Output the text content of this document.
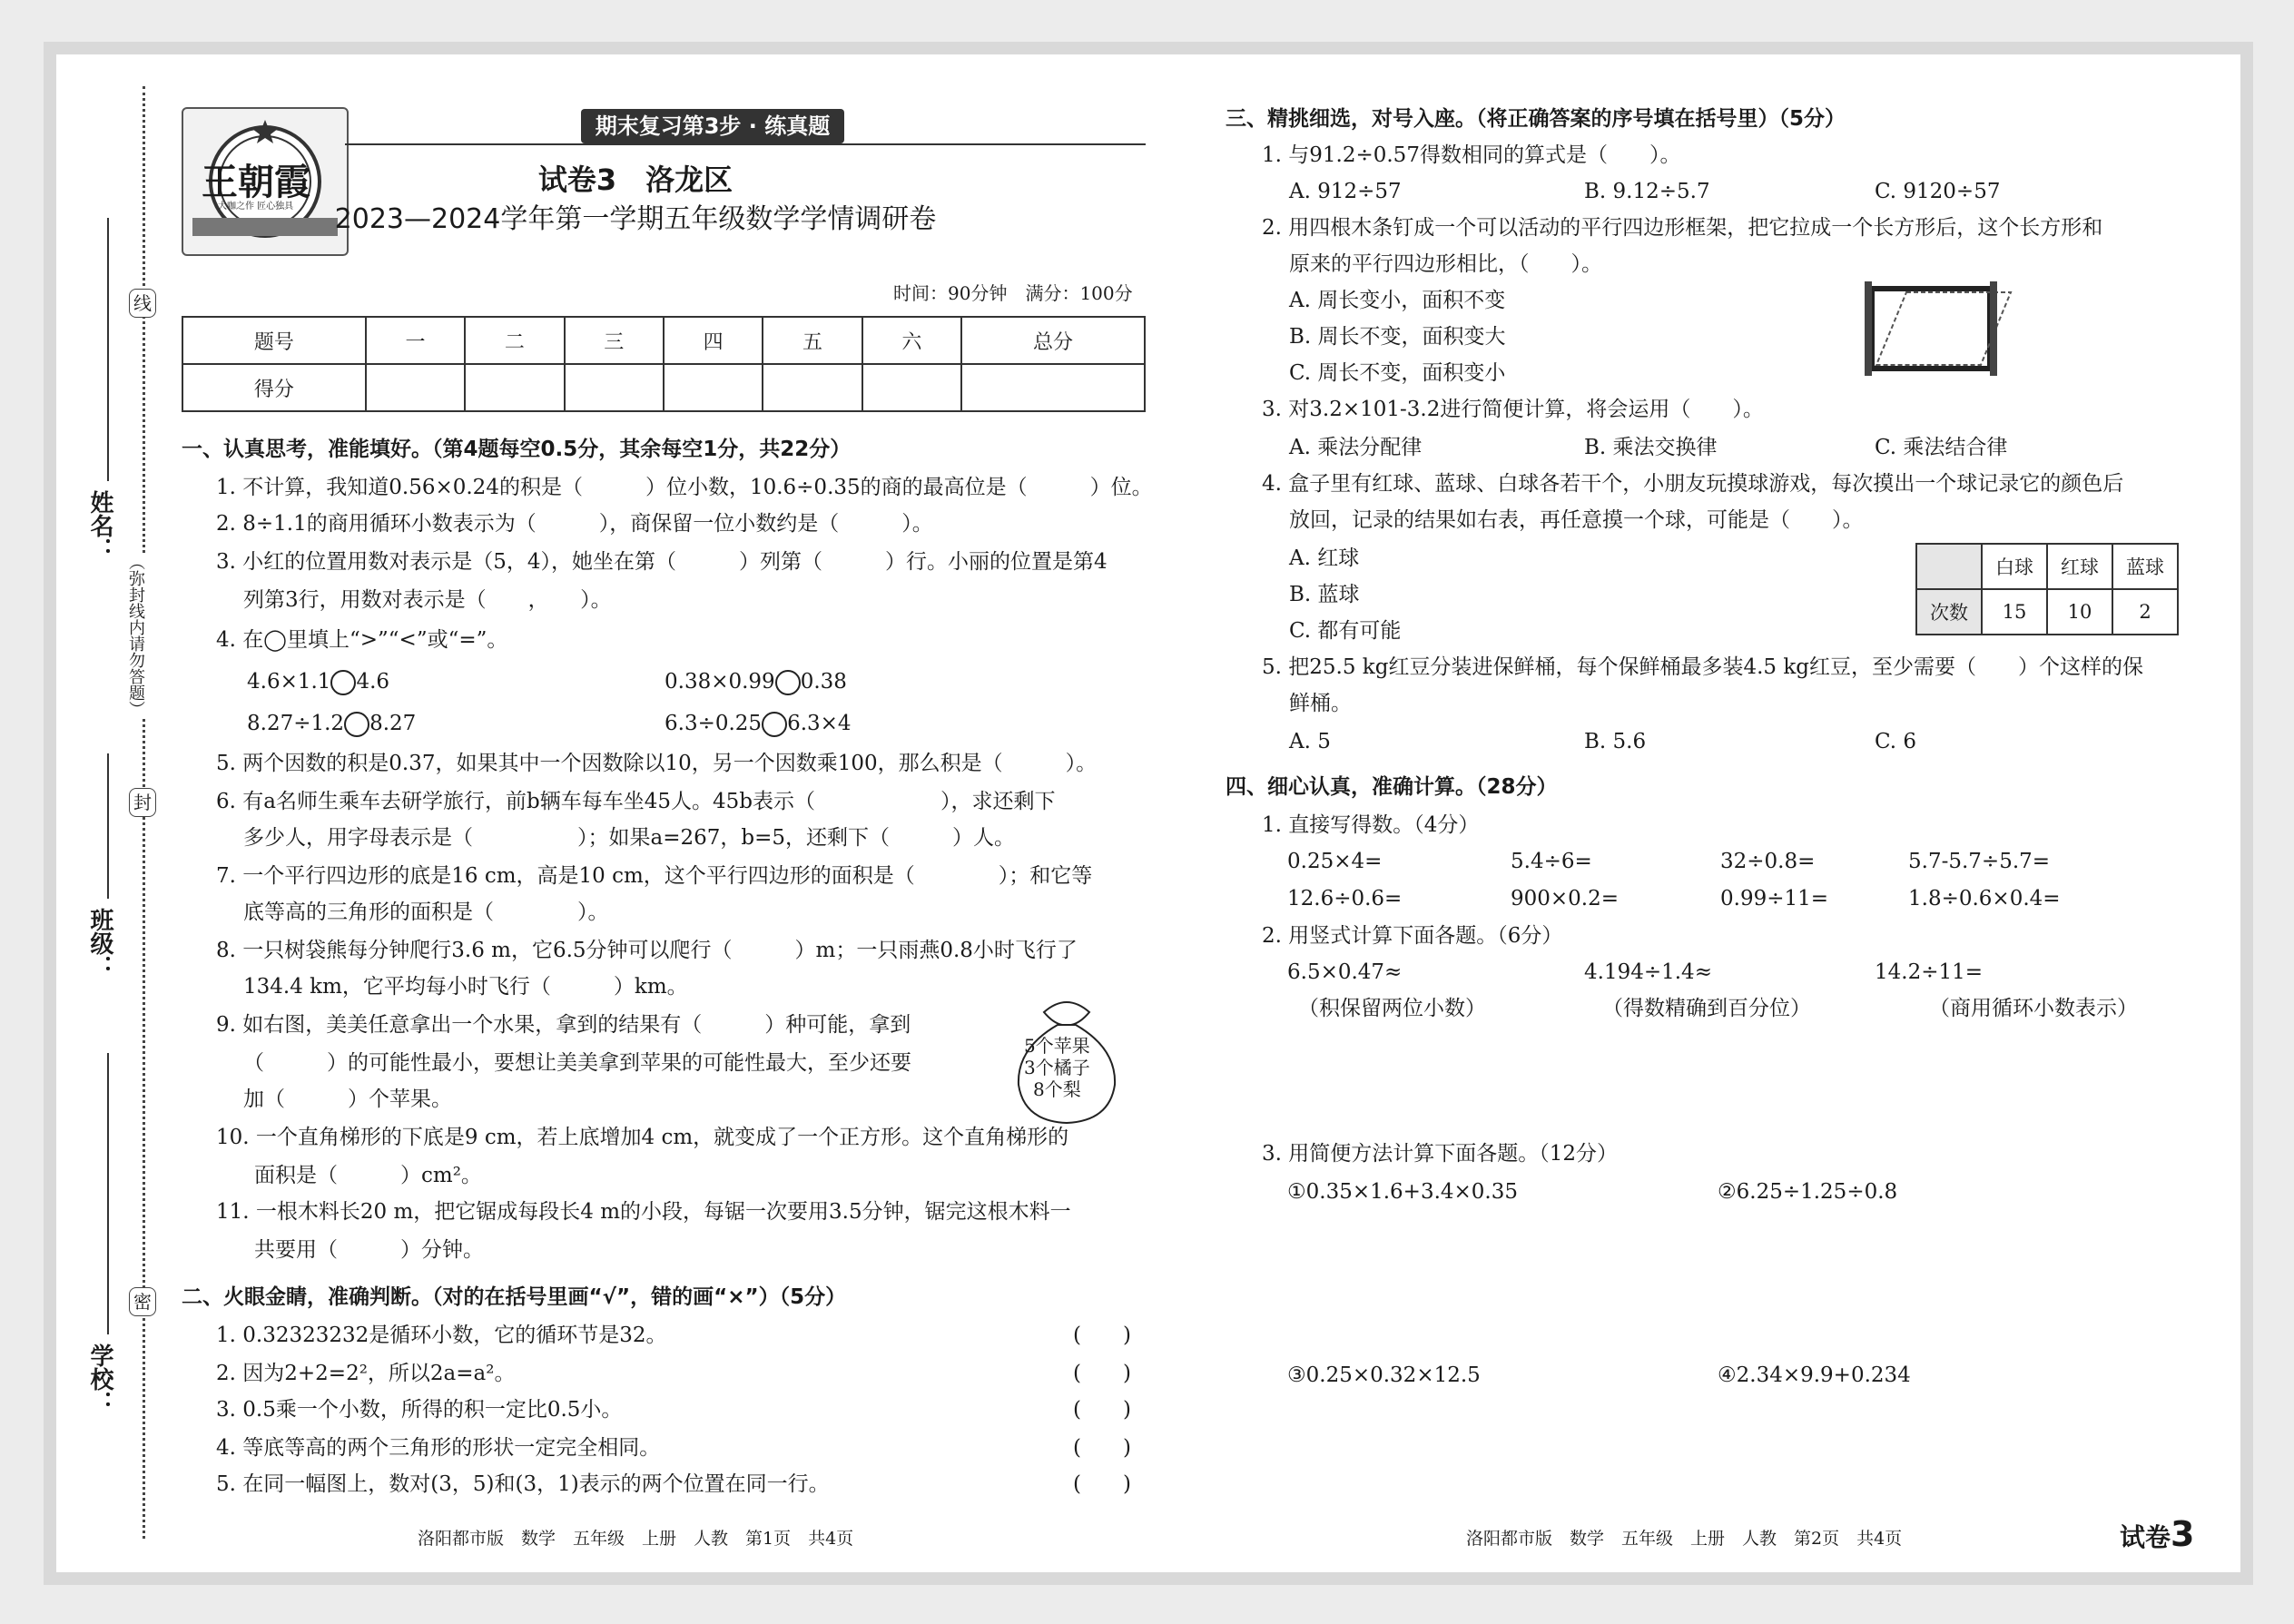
线
封
密
姓名：
班级：
学校：
（弥封线内请勿答题）
王朝霞
大咖之作 匠心独具
期末复习第3步 · 练真题
试卷3　洛龙区
2023—2024学年第一学期五年级数学学情调研卷
时间：90分钟　满分：100分
题号	一	二	三	四	五	六	总分
得分							
一、认真思考，准能填好。（第4题每空0.5分，其余每空1分，共22分）
1. 不计算，我知道0.56×0.24的积是（　　　）位小数，10.6÷0.35的商的最高位是（　　　）位。
2. 8÷1.1的商用循环小数表示为（　　　），商保留一位小数约是（　　　）。
3. 小红的位置用数对表示是（5，4），她坐在第（　　　）列第（　　　）行。小丽的位置是第4
列第3行，用数对表示是（　　，　　）。
4. 在◯里填上“>”“<”或“=”。
4.6×1.1 4.6	0.38×0.99 0.38
8.27÷1.2 8.27	6.3÷0.25 6.3×4
5. 两个因数的积是0.37，如果其中一个因数除以10，另一个因数乘100，那么积是（　　　）。
6. 有a名师生乘车去研学旅行，前b辆车每车坐45人。45b表示（　　　　　　），求还剩下
多少人，用字母表示是（　　　　　）；如果a=267，b=5，还剩下（　　　）人。
7. 一个平行四边形的底是16 cm，高是10 cm，这个平行四边形的面积是（　　　　）；和它等
底等高的三角形的面积是（　　　　）。
8. 一只树袋熊每分钟爬行3.6 m，它6.5分钟可以爬行（　　　）m；一只雨燕0.8小时飞行了
134.4 km，它平均每小时飞行（　　　）km。
9. 如右图，美美任意拿出一个水果，拿到的结果有（　　　）种可能，拿到
（　　　）的可能性最小，要想让美美拿到苹果的可能性最大，至少还要
加（　　　）个苹果。
10. 一个直角梯形的下底是9 cm，若上底增加4 cm，就变成了一个正方形。这个直角梯形的
面积是（　　　）cm²。
11. 一根木料长20 m，把它锯成每段长4 m的小段，每锯一次要用3.5分钟，锯完这根木料一
共要用（　　　）分钟。
5个苹果
3个橘子
8个梨
二、火眼金睛，准确判断。（对的在括号里画“√”，错的画“×”）（5分）
1. 0.32323232是循环小数，它的循环节是32。
2. 因为2+2=2²，所以2a=a²。
3. 0.5乘一个小数，所得的积一定比0.5小。
4. 等底等高的两个三角形的形状一定完全相同。
5. 在同一幅图上，数对(3，5)和(3，1)表示的两个位置在同一行。
(　　)
(　　)
(　　)
(　　)
(　　)
洛阳都市版　数学　五年级　上册　人教　第1页　共4页
三、精挑细选，对号入座。（将正确答案的序号填在括号里）（5分）
1. 与91.2÷0.57得数相同的算式是（　　）。
A. 912÷57	B. 9.12÷5.7	C. 9120÷57
2. 用四根木条钉成一个可以活动的平行四边形框架，把它拉成一个长方形后，这个长方形和
原来的平行四边形相比，（　　）。
A. 周长变小，面积不变
B. 周长不变，面积变大
C. 周长不变，面积变小
3. 对3.2×101-3.2进行简便计算，将会运用（　　）。
A. 乘法分配律	B. 乘法交换律	C. 乘法结合律
4. 盒子里有红球、蓝球、白球各若干个，小朋友玩摸球游戏，每次摸出一个球记录它的颜色后
放回，记录的结果如右表，再任意摸一个球，可能是（　　）。
A. 红球
B. 蓝球
C. 都有可能
	白球	红球	蓝球
次数	15	10	2
5. 把25.5 kg红豆分装进保鲜桶，每个保鲜桶最多装4.5 kg红豆，至少需要（　　）个这样的保
鲜桶。
A. 5	B. 5.6	C. 6
四、细心认真，准确计算。（28分）
1. 直接写得数。（4分）
0.25×4=	5.4÷6=	32÷0.8=	5.7-5.7÷5.7=
12.6÷0.6=	900×0.2=	0.99÷11=	1.8÷0.6×0.4=
2. 用竖式计算下面各题。（6分）
6.5×0.47≈	4.194÷1.4≈	14.2÷11=
（积保留两位小数）	（得数精确到百分位）	（商用循环小数表示）
3. 用简便方法计算下面各题。（12分）
①0.35×1.6+3.4×0.35	②6.25÷1.25÷0.8
③0.25×0.32×12.5	④2.34×9.9+0.234
洛阳都市版　数学　五年级　上册　人教　第2页　共4页	试卷3
